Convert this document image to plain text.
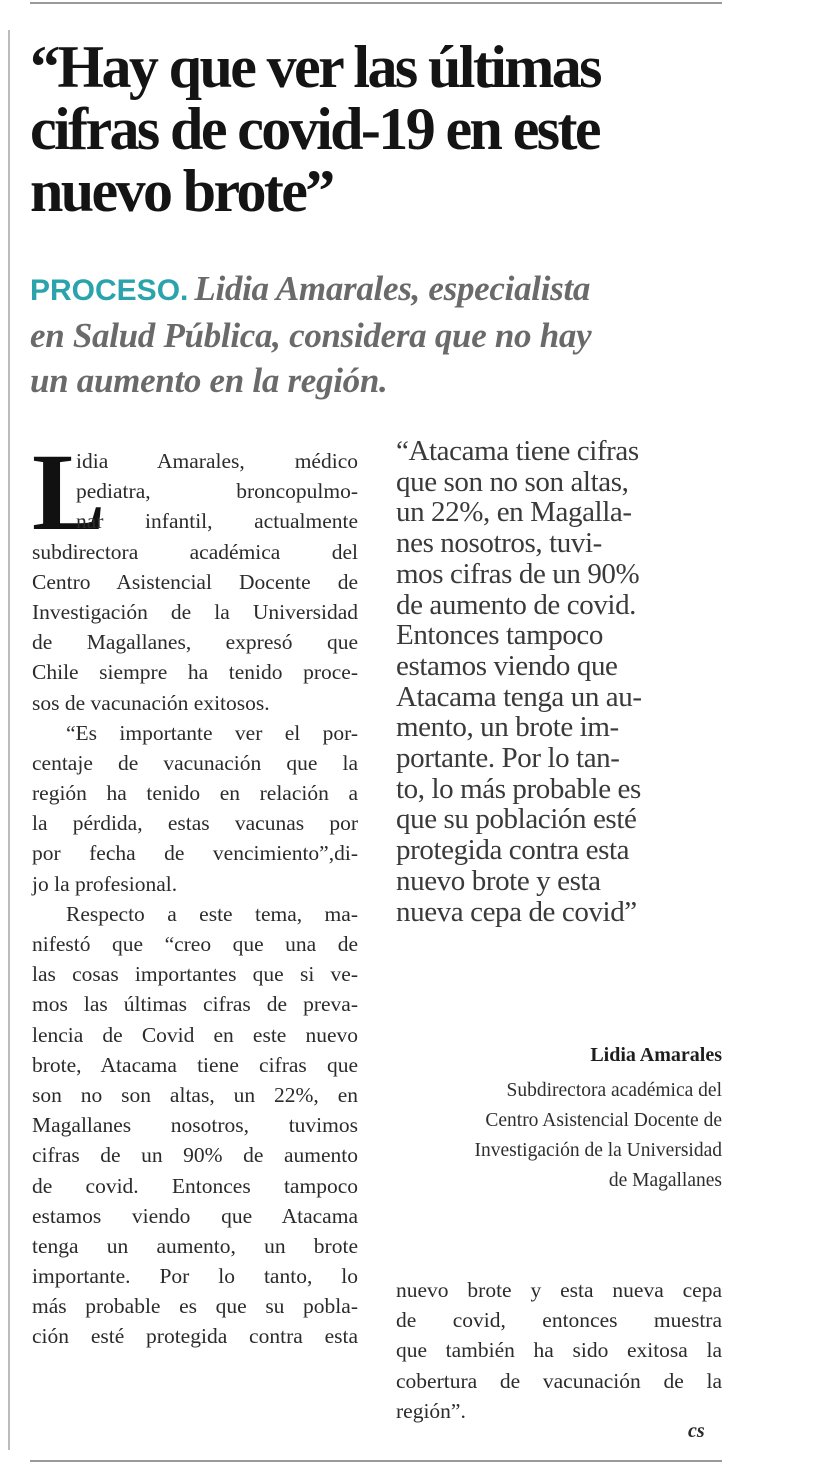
“Hay que ver las últimas
cifras de covid-19 en este
nuevo brote”
PROCESO. Lidia Amarales, especialista
en Salud Pública, considera que no hay
un aumento en la región.
L
idia Amarales, médico
pediatra, broncopulmo-
nar infantil, actualmente
subdirectora académica del
Centro Asistencial Docente de
Investigación de la Universidad
de Magallanes, expresó que
Chile siempre ha tenido proce-
sos de vacunación exitosos.
“Es importante ver el por-
centaje de vacunación que la
región ha tenido en relación a
la pérdida, estas vacunas por
por fecha de vencimiento”,di-
jo la profesional.
Respecto a este tema, ma-
nifestó que “creo que una de
las cosas importantes que si ve-
mos las últimas cifras de preva-
lencia de Covid en este nuevo
brote, Atacama tiene cifras que
son no son altas, un 22%, en
Magallanes nosotros, tuvimos
cifras de un 90% de aumento
de covid. Entonces tampoco
estamos viendo que Atacama
tenga un aumento, un brote
importante. Por lo tanto, lo
más probable es que su pobla-
ción esté protegida contra esta
“Atacama tiene cifras
que son no son altas,
un 22%, en Magalla-
nes nosotros, tuvi-
mos cifras de un 90%
de aumento de covid.
Entonces tampoco
estamos viendo que
Atacama tenga un au-
mento, un brote im-
portante. Por lo tan-
to, lo más probable es
que su población esté
protegida contra esta
nuevo brote y esta
nueva cepa de covid”
Lidia Amarales
Subdirectora académica del
Centro Asistencial Docente de
Investigación de la Universidad
de Magallanes
nuevo brote y esta nueva cepa
de covid, entonces muestra
que también ha sido exitosa la
cobertura de vacunación de la
región”.
cs
